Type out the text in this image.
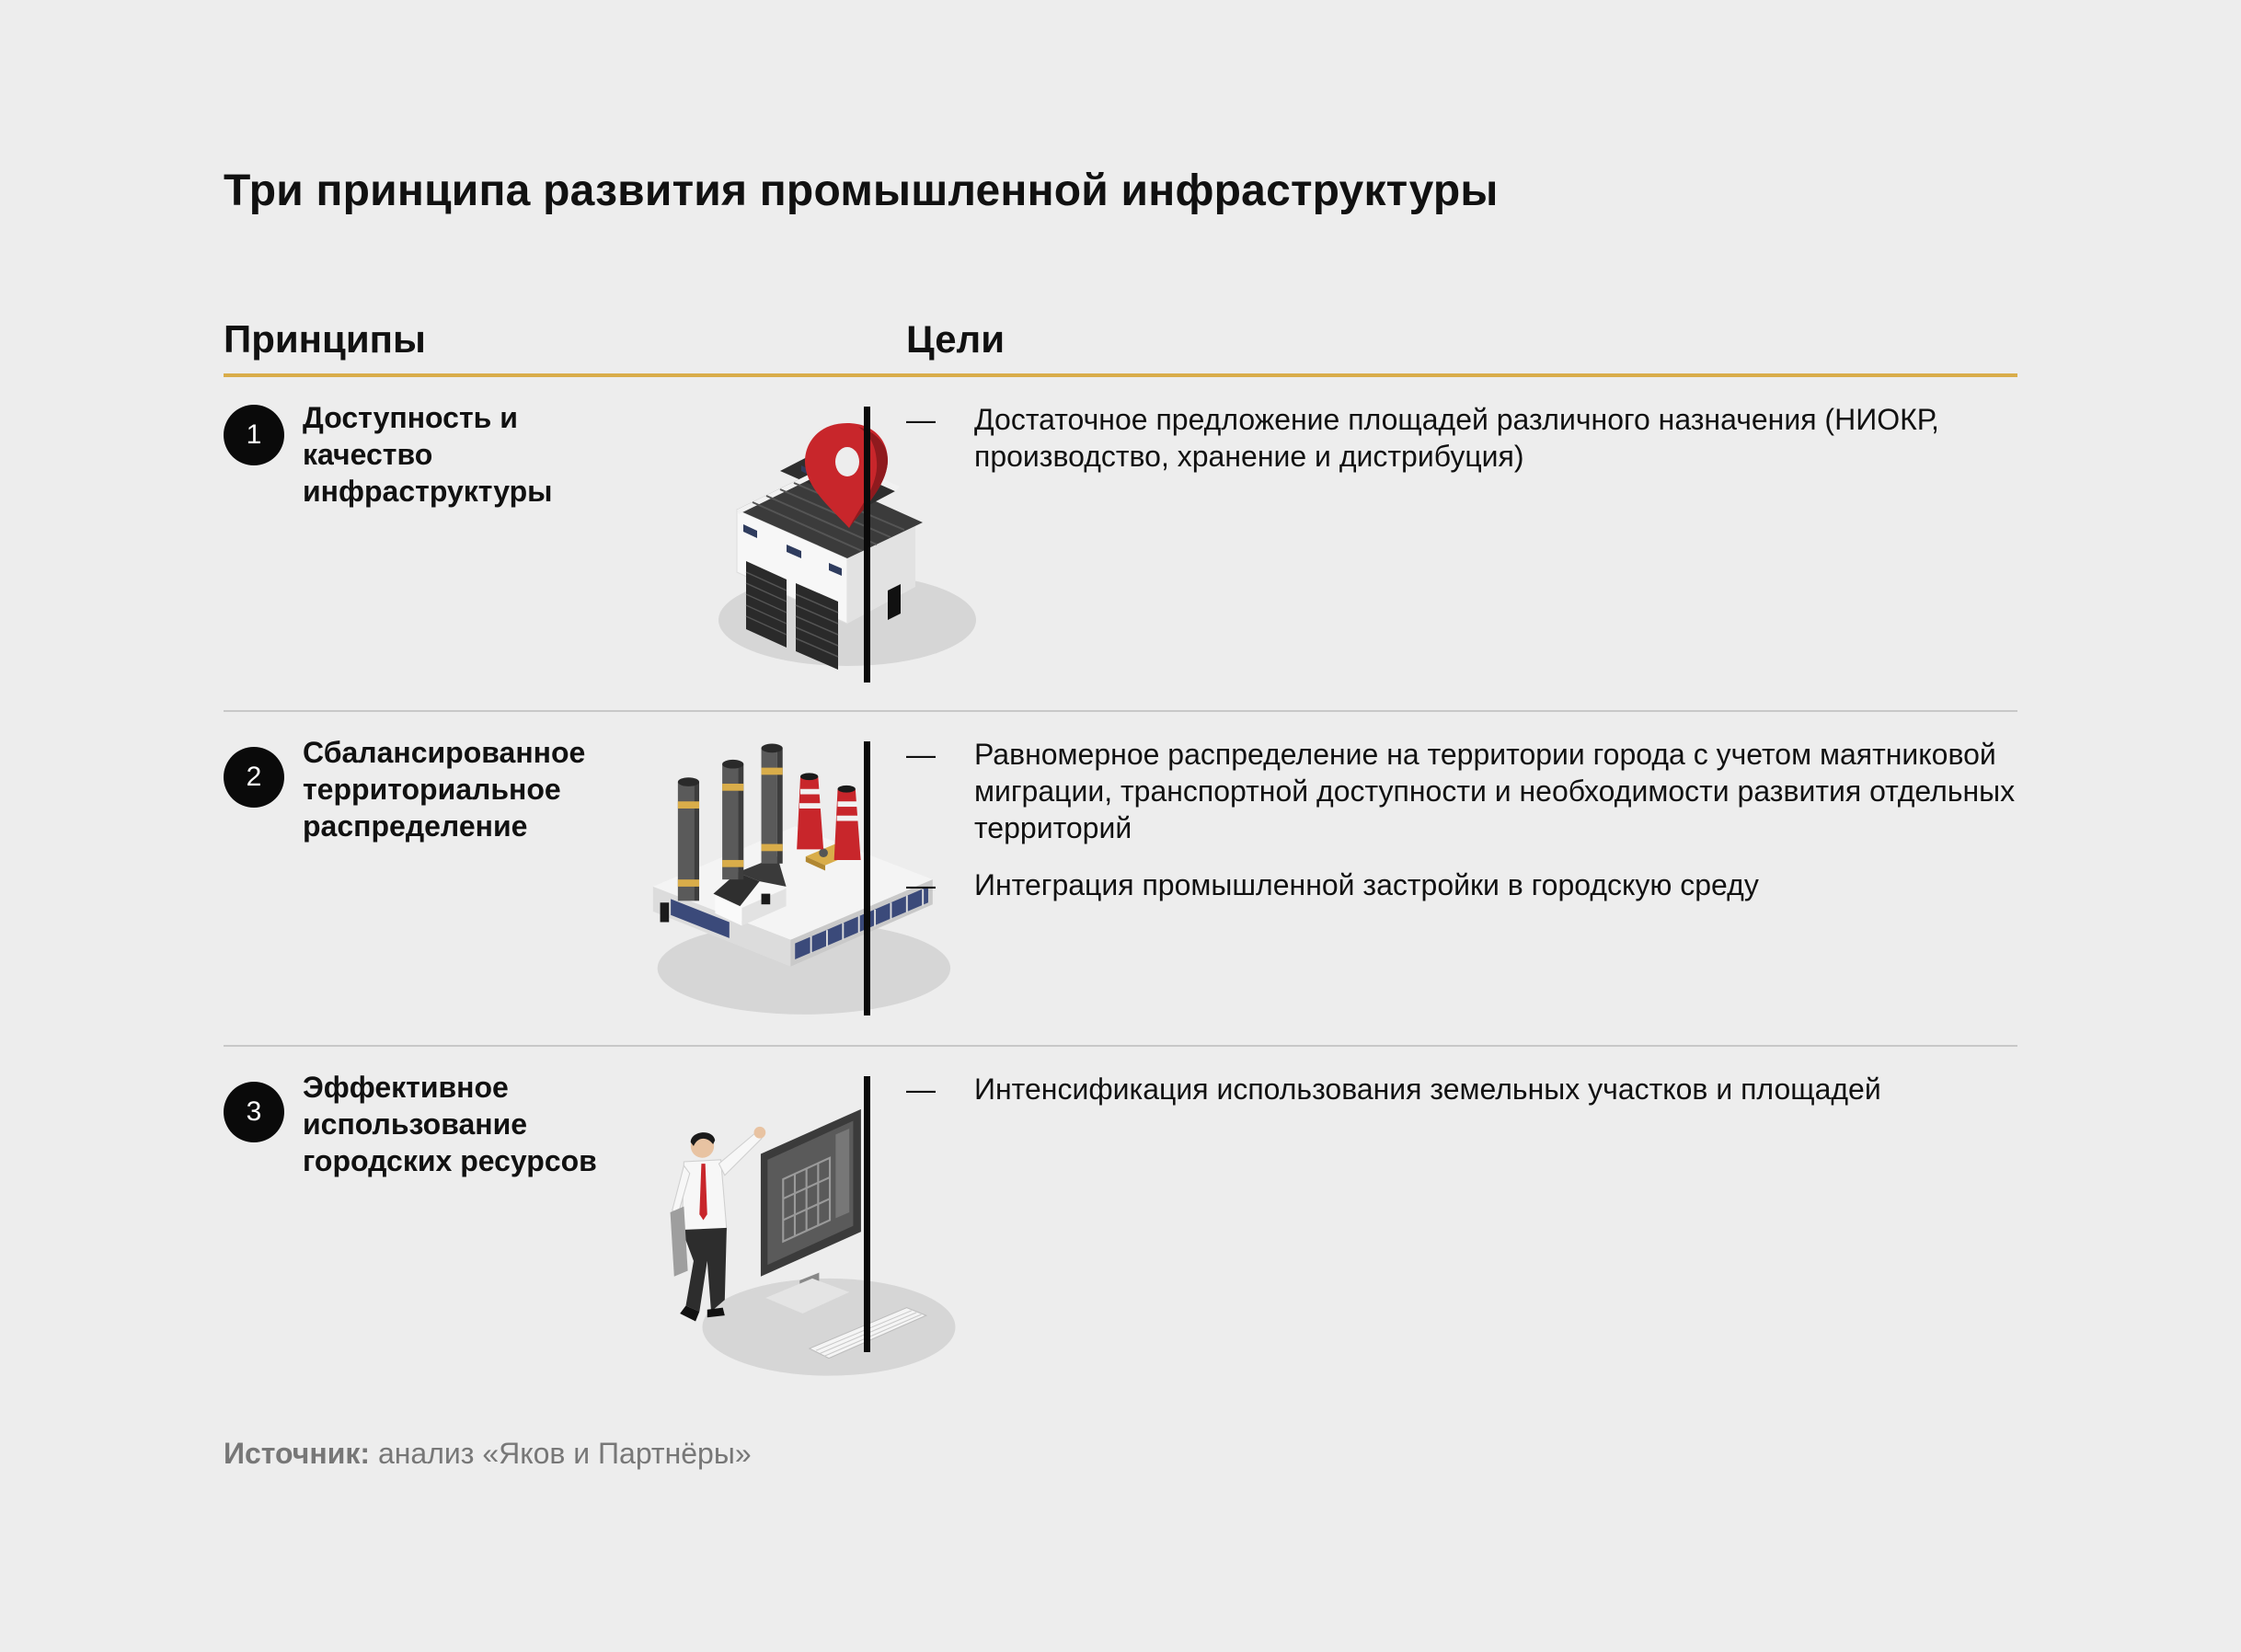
Три принципа развития промышленной инфраструктуры
Принципы	Цели
1

Доступность и качество инфраструктуры

— Достаточное предложение площадей различного назначения (НИОКР, производство, хранение и дистрибуция)
2

Сбалансированное территориальное распределение

— Равномерное распределение на территории города с учетом маятниковой миграции, транспортной доступности и необходимости развития отдельных территорий
— Интеграция промышленной застройки в городскую среду
3

Эффективное использование городских ресурсов

— Интенсификация использования земельных участков и площадей

Источник: анализ «Яков и Партнёры»
